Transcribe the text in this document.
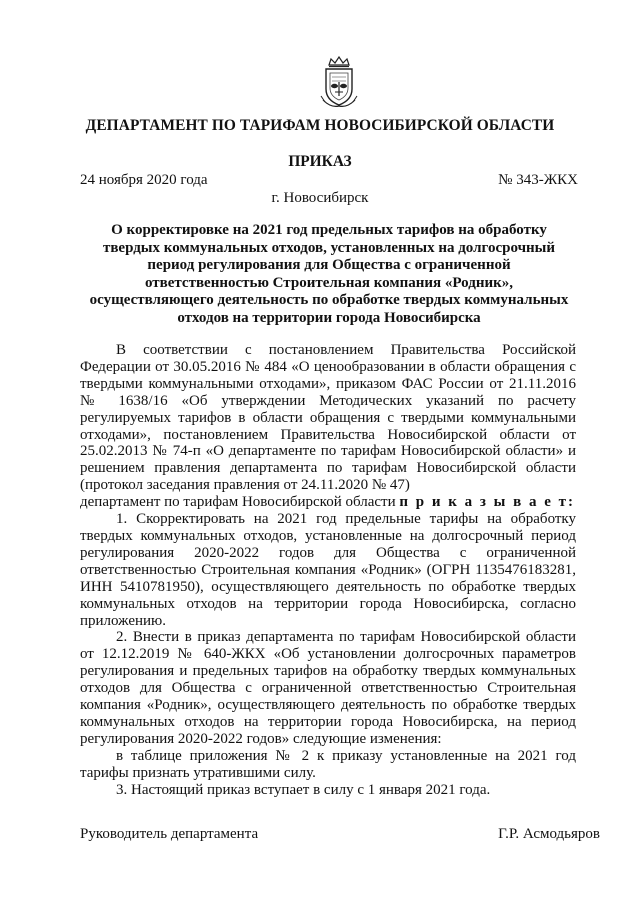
ДЕПАРТАМЕНТ ПО ТАРИФАМ НОВОСИБИРСКОЙ ОБЛАСТИ
ПРИКАЗ
24 ноября 2020 года	№ 343-ЖКХ
г. Новосибирск
О корректировке на 2021 год предельных тарифов на обработку твердых коммунальных отходов, установленных на долгосрочный период регулирования для Общества с ограниченной ответственностью Строительная компания «Родник», осуществляющего деятельность по обработке твердых коммунальных отходов на территории города Новосибирска

В соответствии с постановлением Правительства Российской Федерации от 30.05.2016 № 484 «О ценообразовании в области обращения с твердыми коммунальными отходами», приказом ФАС России от 21.11.2016 № 1638/16 «Об утверждении Методических указаний по расчету регулируемых тарифов в области обращения с твердыми коммунальными отходами», постановлением Правительства Новосибирской области от 25.02.2013 № 74-п «О департаменте по тарифам Новосибирской области» и решением правления департамента по тарифам Новосибирской области (протокол заседания правления от 24.11.2020 № 47)

департамент по тарифам Новосибирской области п р и к а з ы в а е т:

1. Скорректировать на 2021 год предельные тарифы на обработку твердых коммунальных отходов, установленные на долгосрочный период регулирования 2020-2022 годов для Общества с ограниченной ответственностью Строительная компания «Родник» (ОГРН 1135476183281, ИНН 5410781950), осуществляющего деятельность по обработке твердых коммунальных отходов на территории города Новосибирска, согласно приложению.

2. Внести в приказ департамента по тарифам Новосибирской области от 12.12.2019 № 640-ЖКХ «Об установлении долгосрочных параметров регулирования и предельных тарифов на обработку твердых коммунальных отходов для Общества с ограниченной ответственностью Строительная компания «Родник», осуществляющего деятельность по обработке твердых коммунальных отходов на территории города Новосибирска, на период регулирования 2020-2022 годов» следующие изменения:

в таблице приложения № 2 к приказу установленные на 2021 год тарифы признать утратившими силу.

3. Настоящий приказ вступает в силу с 1 января 2021 года.

Руководитель департамента	Г.Р. Асмодьяров
